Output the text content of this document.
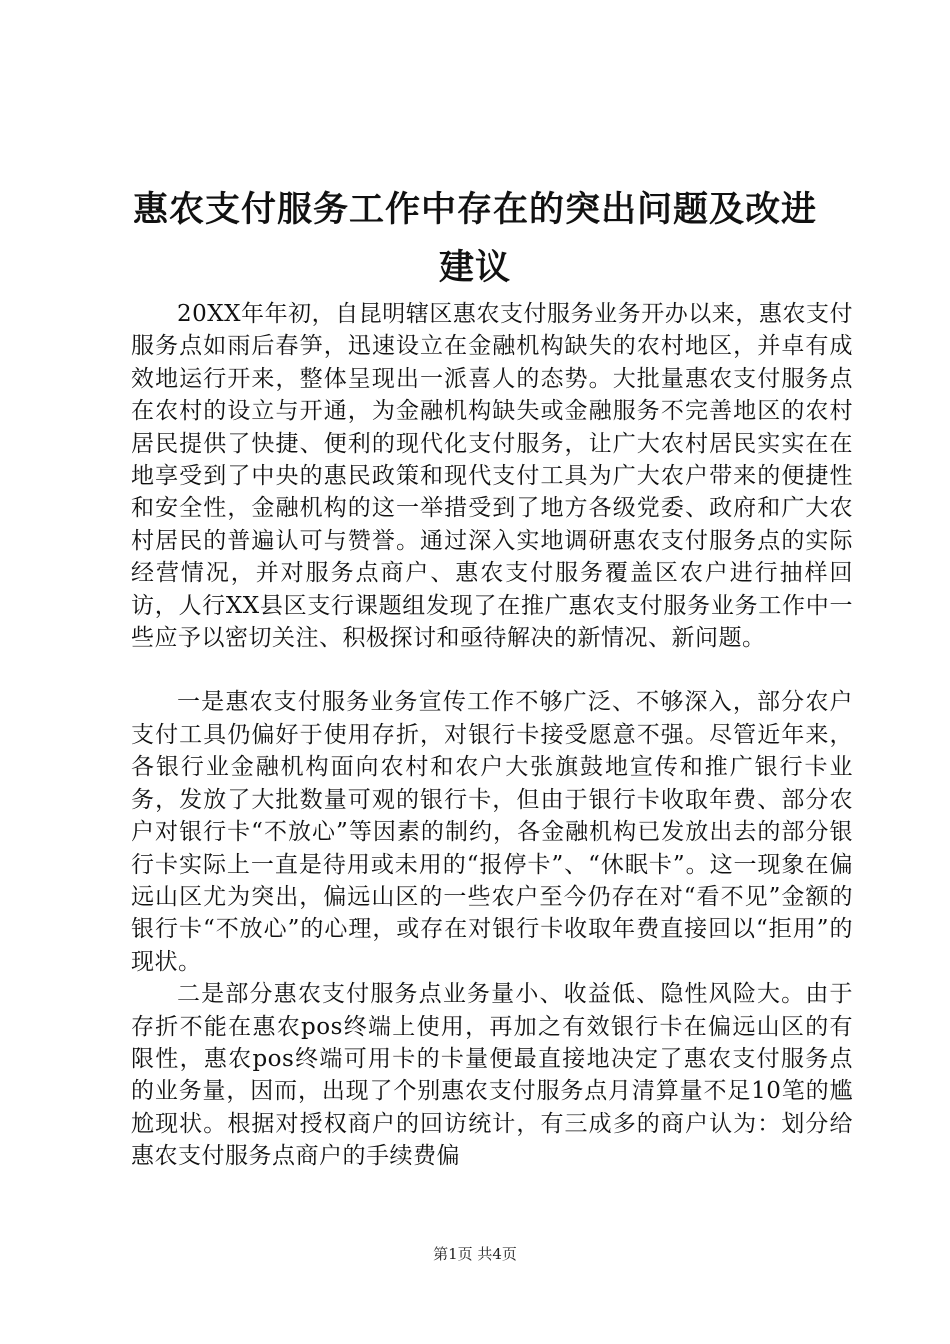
惠农支付服务工作中存在的突出问题及改进建议

20XX年年初，自昆明辖区惠农支付服务业务开办以来，惠农支付服务点如雨后春笋，迅速设立在金融机构缺失的农村地区，并卓有成效地运行开来，整体呈现出一派喜人的态势。大批量惠农支付服务点在农村的设立与开通，为金融机构缺失或金融服务不完善地区的农村居民提供了快捷、便利的现代化支付服务，让广大农村居民实实在在地享受到了中央的惠民政策和现代支付工具为广大农户带来的便捷性和安全性，金融机构的这一举措受到了地方各级党委、政府和广大农村居民的普遍认可与赞誉。通过深入实地调研惠农支付服务点的实际经营情况，并对服务点商户、惠农支付服务覆盖区农户进行抽样回访，人行XX县区支行课题组发现了在推广惠农支付服务业务工作中一些应予以密切关注、积极探讨和亟待解决的新情况、新问题。

一是惠农支付服务业务宣传工作不够广泛、不够深入，部分农户支付工具仍偏好于使用存折，对银行卡接受愿意不强。尽管近年来，各银行业金融机构面向农村和农户大张旗鼓地宣传和推广银行卡业务，发放了大批数量可观的银行卡，但由于银行卡收取年费、部分农户对银行卡“不放心”等因素的制约，各金融机构已发放出去的部分银行卡实际上一直是待用或未用的“报停卡”、“休眠卡”。这一现象在偏远山区尤为突出，偏远山区的一些农户至今仍存在对“看不见”金额的银行卡“不放心”的心理，或存在对银行卡收取年费直接回以“拒用”的现状。

二是部分惠农支付服务点业务量小、收益低、隐性风险大。由于存折不能在惠农pos终端上使用，再加之有效银行卡在偏远山区的有限性，惠农pos终端可用卡的卡量便最直接地决定了惠农支付服务点的业务量，因而，出现了个别惠农支付服务点月清算量不足10笔的尴尬现状。根据对授权商户的回访统计，有三成多的商户认为：划分给惠农支付服务点商户的手续费偏

第1页 共4页
